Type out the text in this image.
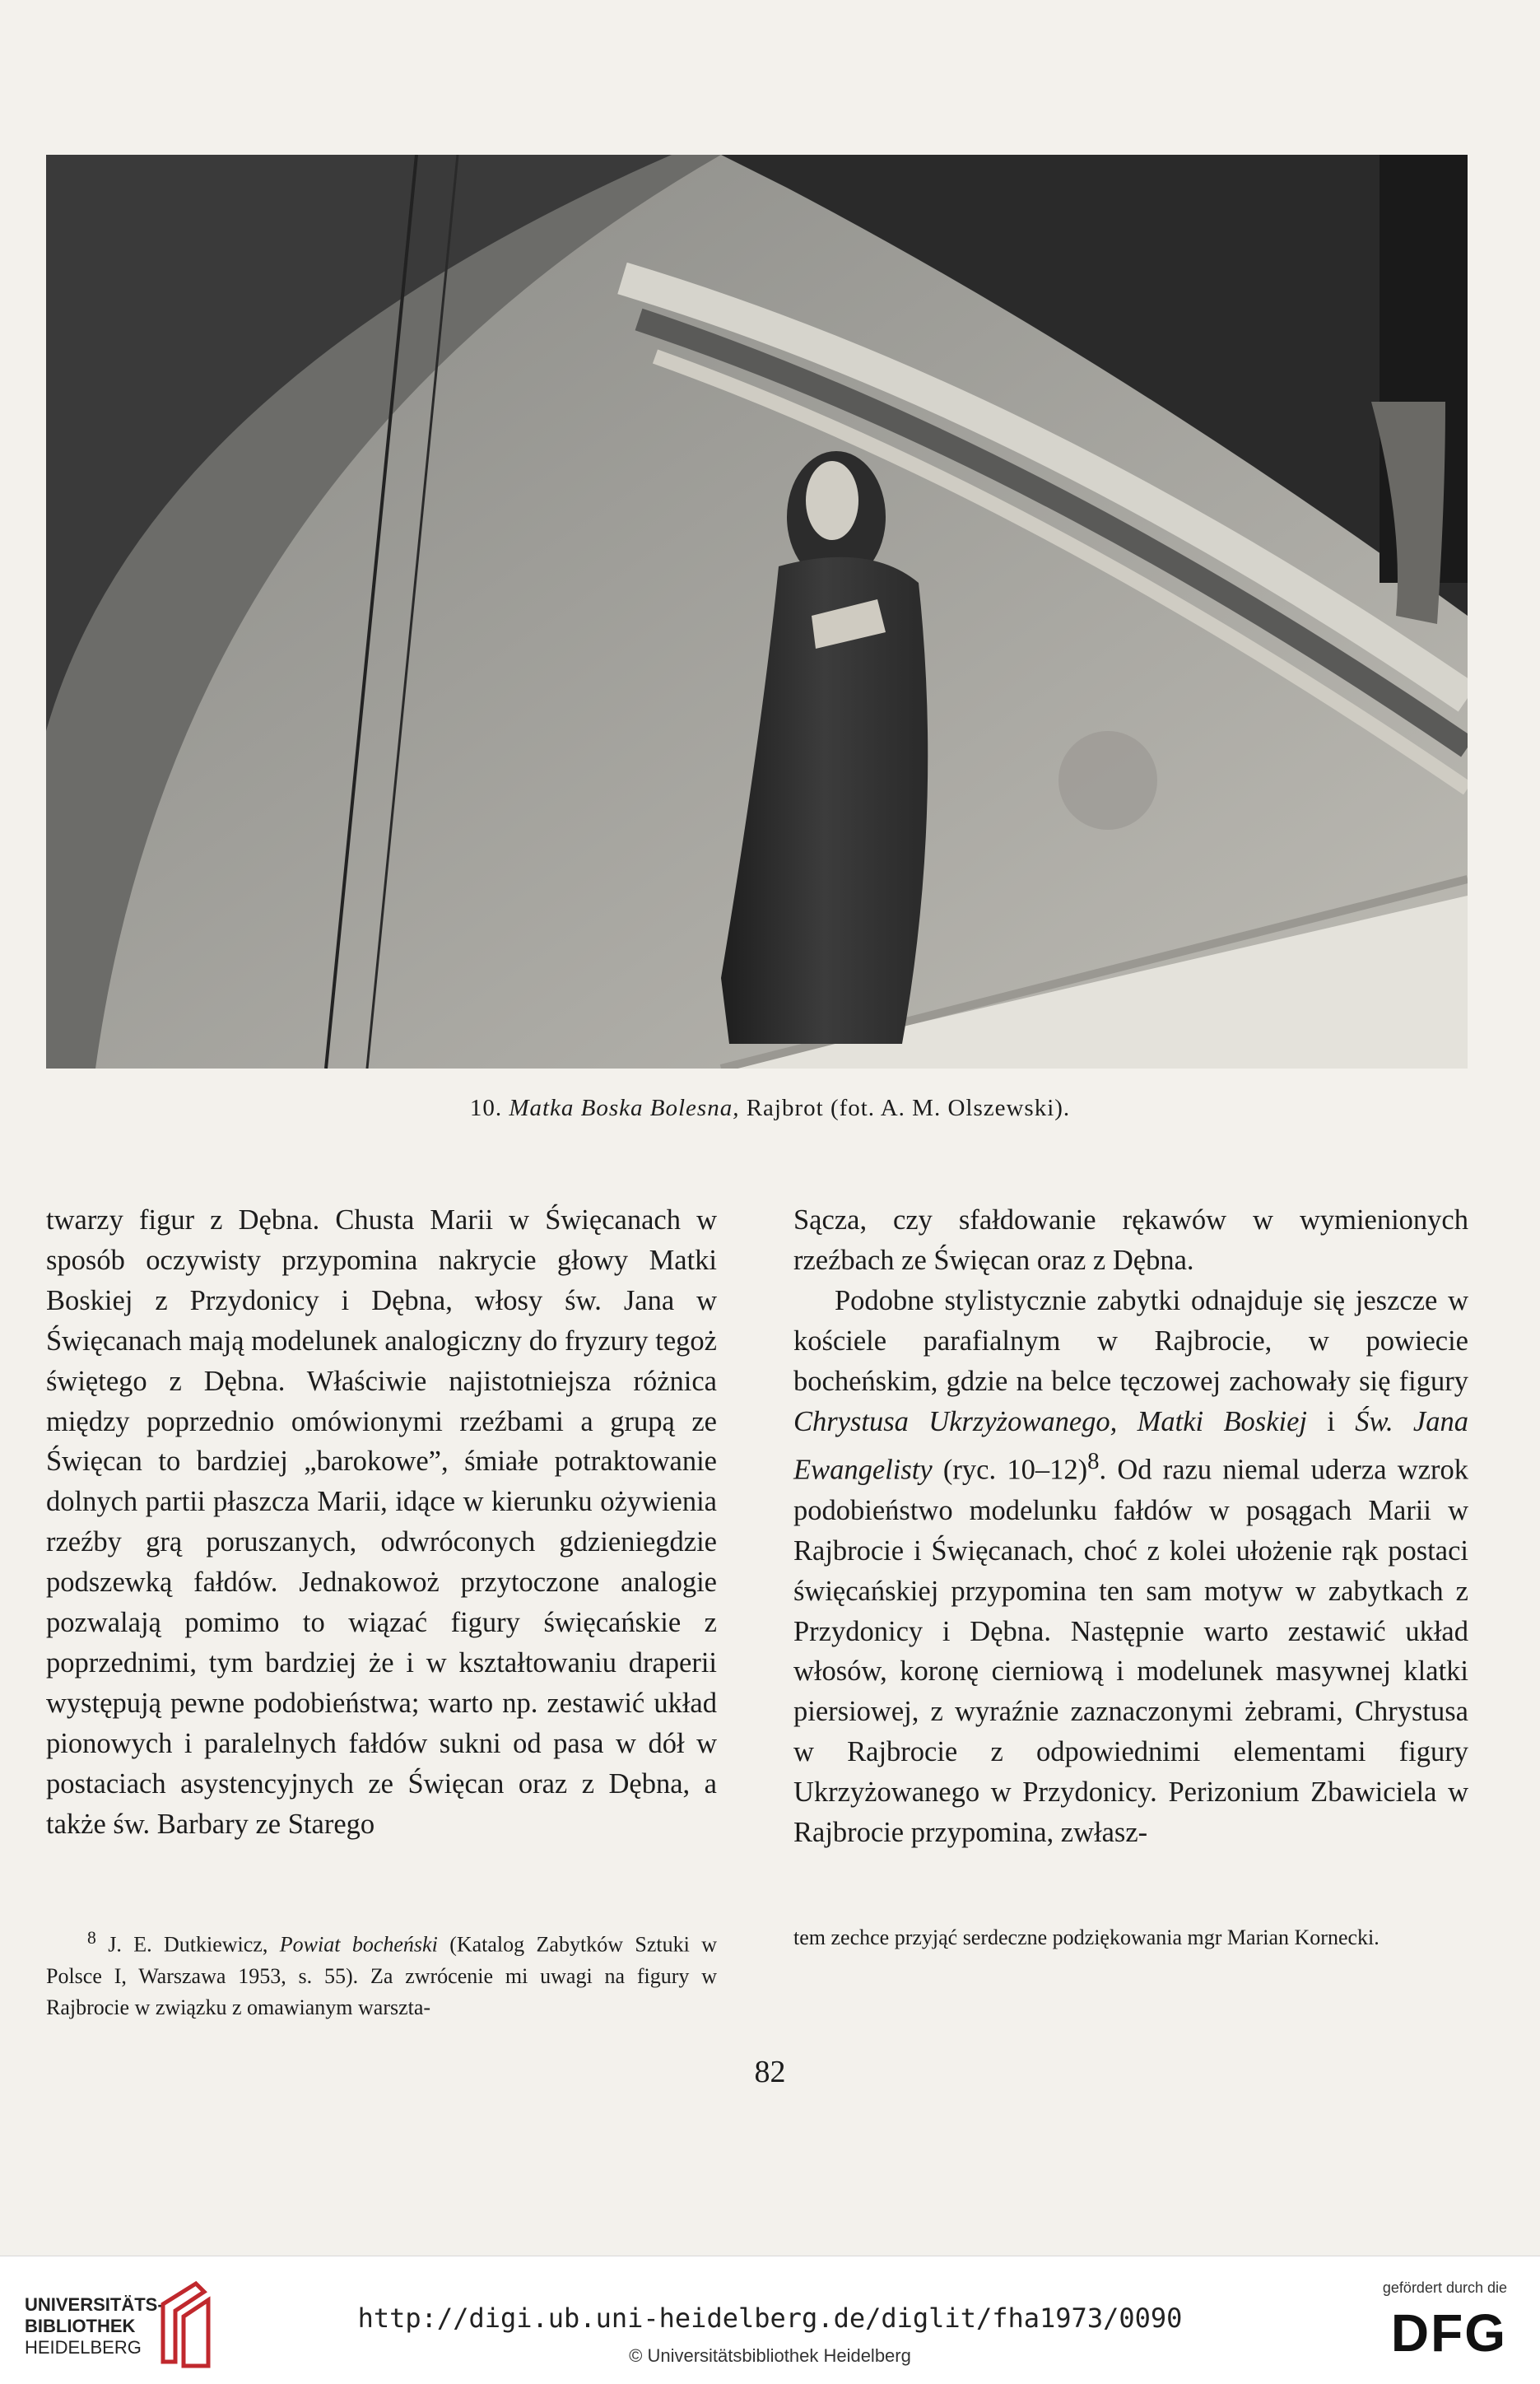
10. Matka Boska Bolesna, Rajbrot (fot. A. M. Olszewski).

twarzy figur z Dębna. Chusta Marii w Święcanach w sposób oczywisty przypomina nakrycie głowy Matki Boskiej z Przydonicy i Dębna, włosy św. Jana w Święcanach mają modelunek analogiczny do fryzury tegoż świętego z Dębna. Właściwie najistotniejsza różnica między poprzednio omówionymi rzeźbami a grupą ze Święcan to bardziej „barokowe”, śmiałe potraktowanie dolnych partii płaszcza Marii, idące w kierunku ożywienia rzeźby grą poruszanych, odwróconych gdzieniegdzie podszewką fałdów. Jednakowoż przytoczone analogie pozwalają pomimo to wiązać figury święcańskie z poprzednimi, tym bardziej że i w kształtowaniu draperii występują pewne podobieństwa; warto np. zestawić układ pionowych i paralelnych fałdów sukni od pasa w dół w postaciach asystencyjnych ze Święcan oraz z Dębna, a także św. Barbary ze Starego

Sącza, czy sfałdowanie rękawów w wymienionych rzeźbach ze Święcan oraz z Dębna.

Podobne stylistycznie zabytki odnajduje się jeszcze w kościele parafialnym w Rajbrocie, w powiecie bocheńskim, gdzie na belce tęczowej zachowały się figury Chrystusa Ukrzyżowanego, Matki Boskiej i Św. Jana Ewangelisty (ryc. 10–12)$^8$. Od razu niemal uderza wzrok podobieństwo modelunku fałdów w posągach Marii w Rajbrocie i Święcanach, choć z kolei ułożenie rąk postaci święcańskiej przypomina ten sam motyw w zabytkach z Przydonicy i Dębna. Następnie warto zestawić układ włosów, koronę cierniową i modelunek masywnej klatki piersiowej, z wyraźnie zaznaczonymi żebrami, Chrystusa w Rajbrocie z odpowiednimi elementami figury Ukrzyżowanego w Przydonicy. Perizonium Zbawiciela w Rajbrocie przypomina, zwłasz-

$^8$ J. E. Dutkiewicz, Powiat bocheński (Katalog Zabytków Sztuki w Polsce I, Warszawa 1953, s. 55). Za zwrócenie mi uwagi na figury w Rajbrocie w związku z omawianym warszta-
tem zechce przyjąć serdeczne podziękowania mgr Marian Kornecki.
82
UNIVERSITÄTS-
BIBLIOTHEK
HEIDELBERG
http://digi.ub.uni-heidelberg.de/diglit/fha1973/0090
© Universitätsbibliothek Heidelberg
gefördert durch die
DFG
